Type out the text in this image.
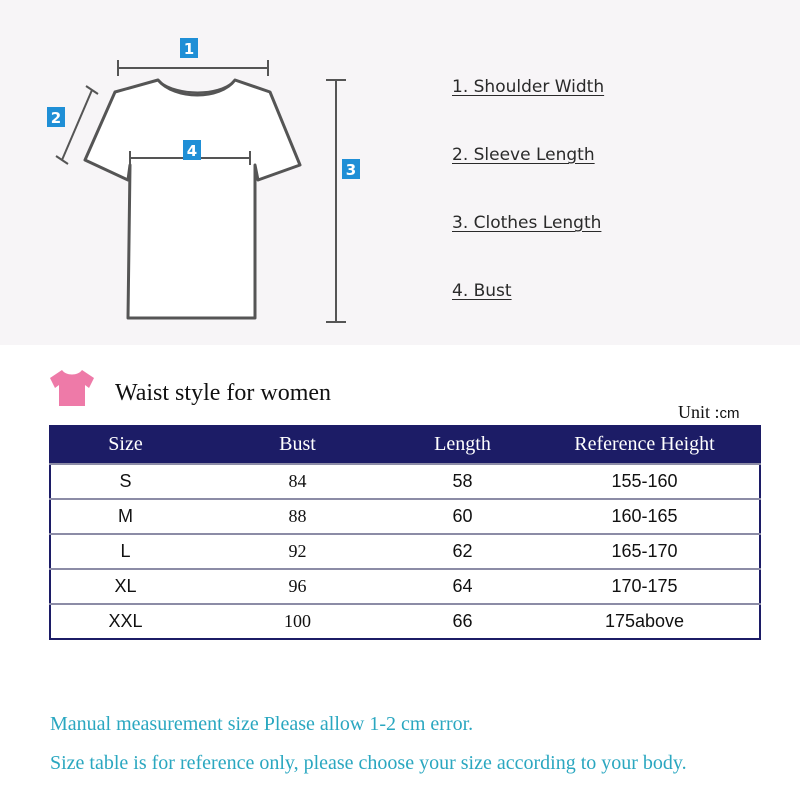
1
2
3
4
1. Shoulder Width
2. Sleeve Length
3. Clothes Length
4. Bust
Waist style for women
Unit :cm
Size	Bust	Length	Reference Height
S	84	58	155-160
M	88	60	160-165
L	92	62	165-170
XL	96	64	170-175
XXL	100	66	175above
Manual measurement size Please allow 1-2 cm error.
Size table is for reference only, please choose your size according to your body.
